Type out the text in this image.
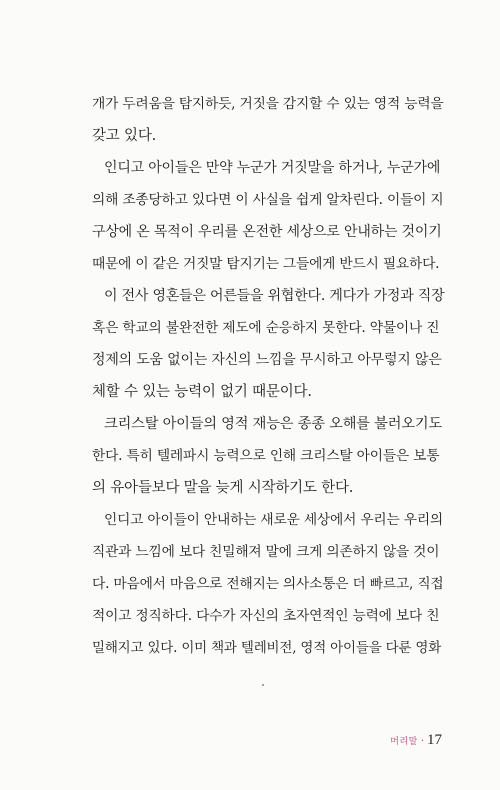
개가 두려움을 탐지하듯, 거짓을 감지할 수 있는 영적 능력을
갖고 있다.
인디고 아이들은 만약 누군가 거짓말을 하거나, 누군가에
의해 조종당하고 있다면 이 사실을 쉽게 알차린다. 이들이 지
구상에 온 목적이 우리를 온전한 세상으로 안내하는 것이기
때문에 이 같은 거짓말 탐지기는 그들에게 반드시 필요하다.
이 전사 영혼들은 어른들을 위협한다. 게다가 가정과 직장
혹은 학교의 불완전한 제도에 순응하지 못한다. 약물이나 진
정제의 도움 없이는 자신의 느낌을 무시하고 아무렇지 않은
체할 수 있는 능력이 없기 때문이다.
크리스탈 아이들의 영적 재능은 종종 오해를 불러오기도
한다. 특히 텔레파시 능력으로 인해 크리스탈 아이들은 보통
의 유아들보다 말을 늦게 시작하기도 한다.
인디고 아이들이 안내하는 새로운 세상에서 우리는 우리의
직관과 느낌에 보다 친밀해져 말에 크게 의존하지 않을 것이
다. 마음에서 마음으로 전해지는 의사소통은 더 빠르고, 직접
적이고 정직하다. 다수가 자신의 초자연적인 능력에 보다 친
밀해지고 있다. 이미 책과 텔레비전, 영적 아이들을 다룬 영화
머리말 · 17
